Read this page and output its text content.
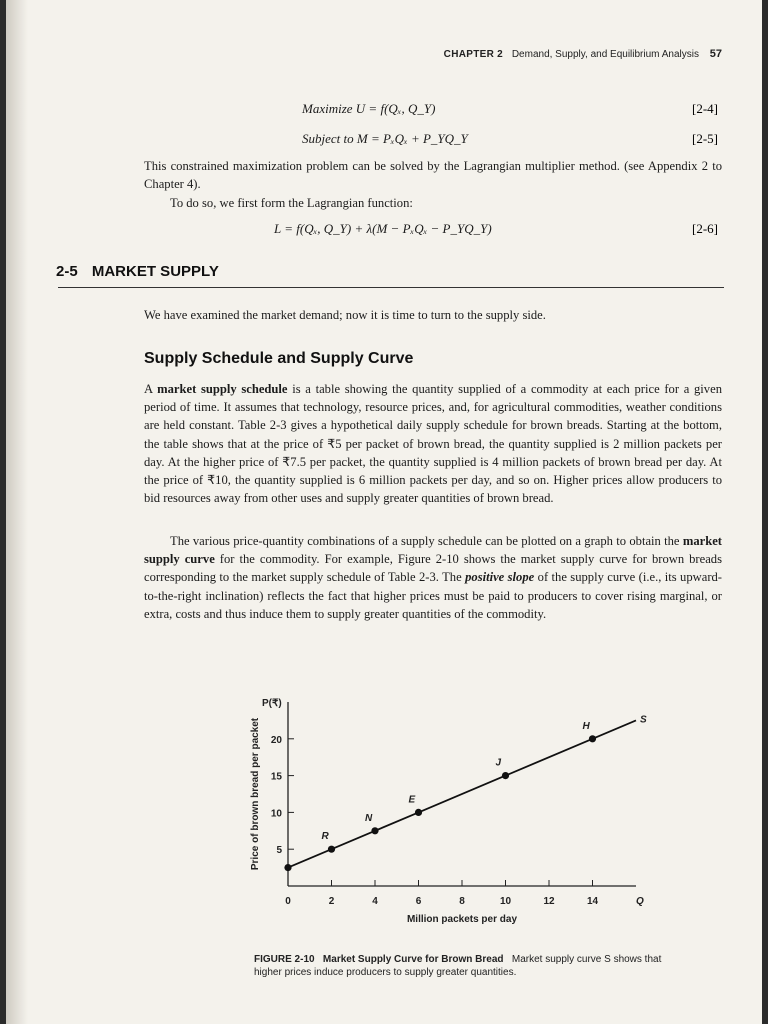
CHAPTER 2 Demand, Supply, and Equilibrium Analysis 57
Maximize U = f(Qₓ, Q_Y)	[2-4]
Subject to M = PₓQₓ + P_YQ_Y	[2-5]

This constrained maximization problem can be solved by the Lagrangian multiplier method. (see Appendix 2 to Chapter 4).

To do so, we first form the Lagrangian function:

L = f(Qₓ, Q_Y) + λ(M − PₓQₓ − P_YQ_Y)	[2-6]
2-5 MARKET SUPPLY

We have examined the market demand; now it is time to turn to the supply side.

Supply Schedule and Supply Curve

A market supply schedule is a table showing the quantity supplied of a commodity at each price for a given period of time. It assumes that technology, resource prices, and, for agricultural commodities, weather conditions are held constant. Table 2-3 gives a hypothetical daily supply schedule for brown breads. Starting at the bottom, the table shows that at the price of ₹5 per packet of brown bread, the quantity supplied is 2 million packets per day. At the higher price of ₹7.5 per packet, the quantity supplied is 4 million packets of brown bread per day. At the price of ₹10, the quantity supplied is 6 million packets per day, and so on. Higher prices allow producers to bid resources away from other uses and supply greater quantities of brown bread.

The various price-quantity combinations of a supply schedule can be plotted on a graph to obtain the market supply curve for the commodity. For example, Figure 2-10 shows the market supply curve for brown breads corresponding to the market supply schedule of Table 2-3. The positive slope of the supply curve (i.e., its upward-to-the-right inclination) reflects the fact that higher prices must be paid to producers to cover rising marginal, or extra, costs and thus induce them to supply greater quantities of the commodity.

0	2	4	6	8	10	12	14
5
10
15
20
P(₹)
Q
Million packets per day
Price of brown bread per packet	R
N
E
J
H
S
FIGURE 2-10 Market Supply Curve for Brown Bread Market supply curve S shows that higher prices induce producers to supply greater quantities.
